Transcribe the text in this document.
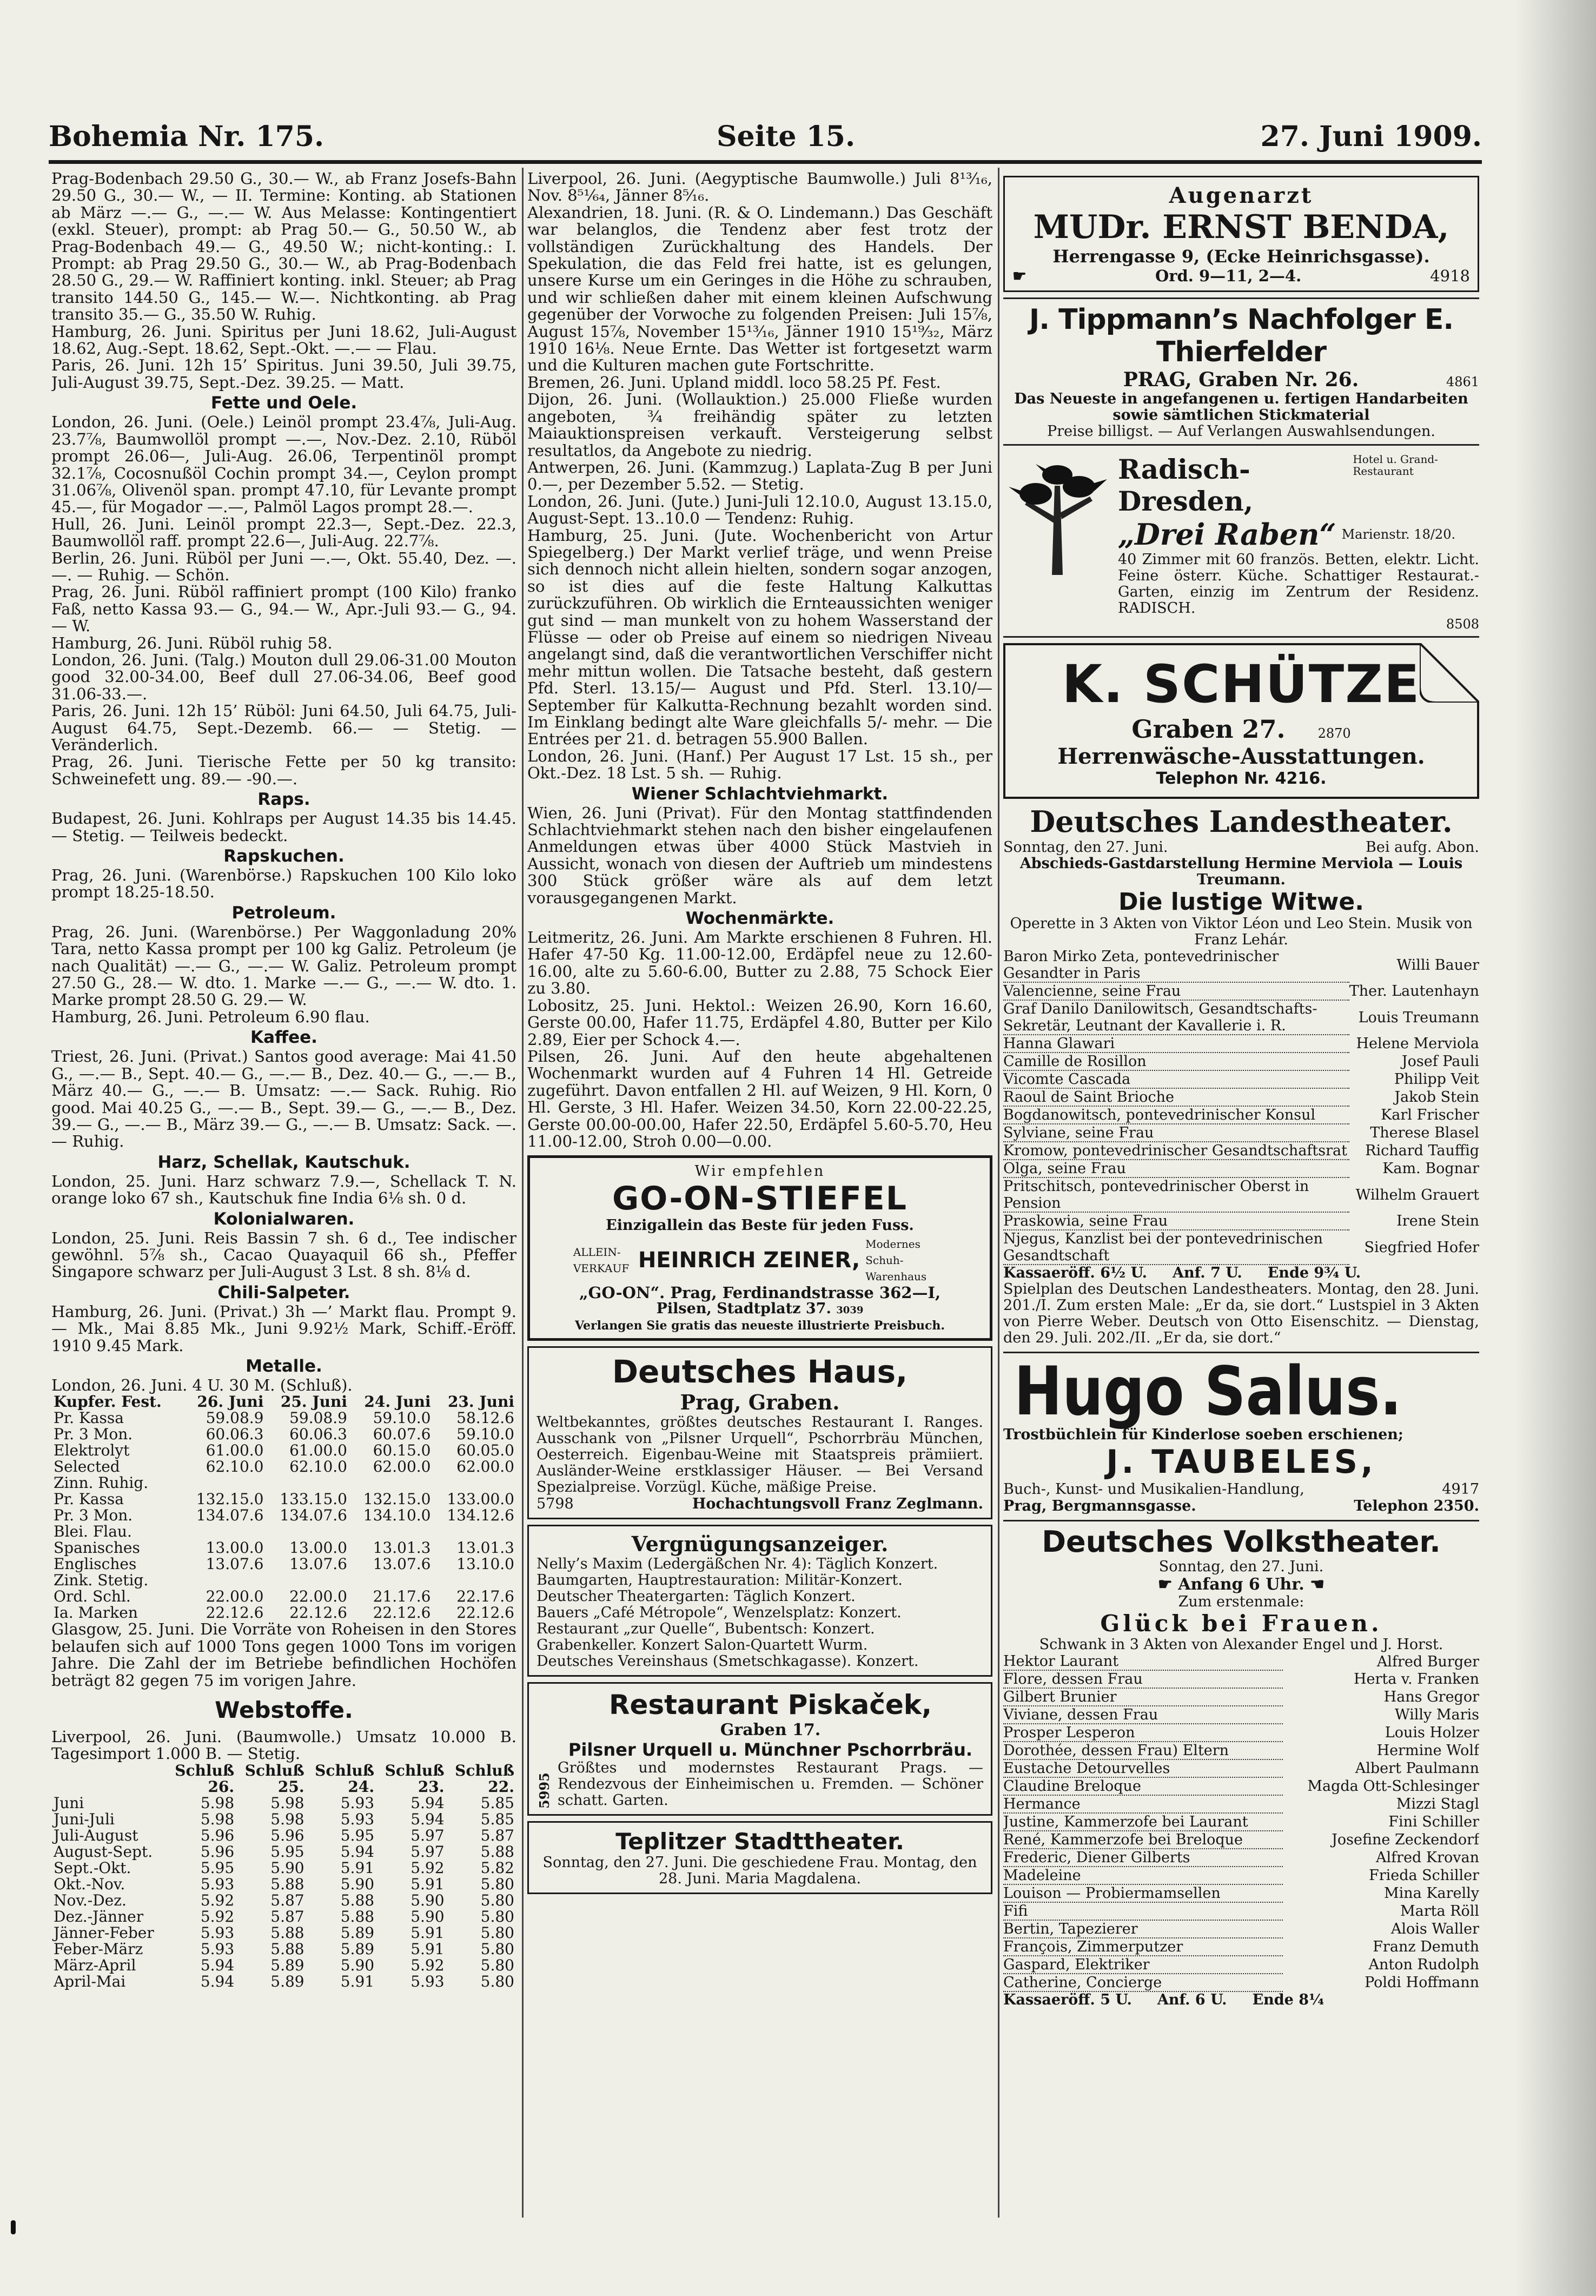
Bohemia Nr. 175.	Seite 15.	27. Juni 1909.

Prag-Bodenbach 29.50 G., 30.— W., ab Franz Josefs-Bahn 29.50 G., 30.— W., — II. Termine: Konting. ab Stationen ab März —.— G., —.— W. Aus Melasse: Kontingentiert (exkl. Steuer), prompt: ab Prag 50.— G., 50.50 W., ab Prag-Bodenbach 49.— G., 49.50 W.; nicht-konting.: I. Prompt: ab Prag 29.50 G., 30.— W., ab Prag-Bodenbach 28.50 G., 29.— W. Raffiniert konting. inkl. Steuer; ab Prag transito 144.50 G., 145.— W.—. Nichtkonting. ab Prag transito 35.— G., 35.50 W. Ruhig.

Hamburg, 26. Juni. Spiritus per Juni 18.62, Juli-August 18.62, Aug.-Sept. 18.62, Sept.-Okt. —.— — Flau.

Paris, 26. Juni. 12h 15’ Spiritus. Juni 39.50, Juli 39.75, Juli-August 39.75, Sept.-Dez. 39.25. — Matt.

Fette und Oele.

London, 26. Juni. (Oele.) Leinöl prompt 23.4⅞, Juli-Aug. 23.7⅞, Baumwollöl prompt —.—, Nov.-Dez. 2.10, Rüböl prompt 26.06—, Juli-Aug. 26.06, Terpentinöl prompt 32.1⅞, Cocosnußöl Cochin prompt 34.—, Ceylon prompt 31.06⅞, Olivenöl span. prompt 47.10, für Levante prompt 45.—, für Mogador —.—, Palmöl Lagos prompt 28.—.

Hull, 26. Juni. Leinöl prompt 22.3—, Sept.-Dez. 22.3, Baumwollöl raff. prompt 22.6—, Juli-Aug. 22.7⅞.

Berlin, 26. Juni. Rüböl per Juni —.—, Okt. 55.40, Dez. —.—. — Ruhig. — Schön.

Prag, 26. Juni. Rüböl raffiniert prompt (100 Kilo) franko Faß, netto Kassa 93.— G., 94.— W., Apr.-Juli 93.— G., 94.— W.

Hamburg, 26. Juni. Rüböl ruhig 58.

London, 26. Juni. (Talg.) Mouton dull 29.06-31.00 Mouton good 32.00-34.00, Beef dull 27.06-34.06, Beef good 31.06-33.—.

Paris, 26. Juni. 12h 15’ Rüböl: Juni 64.50, Juli 64.75, Juli-August 64.75, Sept.-Dezemb. 66.— — Stetig. — Veränderlich.

Prag, 26. Juni. Tierische Fette per 50 kg transito: Schweinefett ung. 89.— -90.—.

Raps.

Budapest, 26. Juni. Kohlraps per August 14.35 bis 14.45. — Stetig. — Teilweis bedeckt.

Rapskuchen.

Prag, 26. Juni. (Warenbörse.) Rapskuchen 100 Kilo loko prompt 18.25-18.50.

Petroleum.

Prag, 26. Juni. (Warenbörse.) Per Waggonladung 20% Tara, netto Kassa prompt per 100 kg Galiz. Petroleum (je nach Qualität) —.— G., —.— W. Galiz. Petroleum prompt 27.50 G., 28.— W. dto. 1. Marke —.— G., —.— W. dto. 1. Marke prompt 28.50 G. 29.— W.

Hamburg, 26. Juni. Petroleum 6.90 flau.

Kaffee.

Triest, 26. Juni. (Privat.) Santos good average: Mai 41.50 G., —.— B., Sept. 40.— G., —.— B., Dez. 40.— G., —.— B., März 40.— G., —.— B. Umsatz: —.— Sack. Ruhig. Rio good. Mai 40.25 G., —.— B., Sept. 39.— G., —.— B., Dez. 39.— G., —.— B., März 39.— G., —.— B. Umsatz: Sack. —.— Ruhig.

Harz, Schellak, Kautschuk.

London, 25. Juni. Harz schwarz 7.9.—, Schellack T. N. orange loko 67 sh., Kautschuk fine India 6⅛ sh. 0 d.

Kolonialwaren.

London, 25. Juni. Reis Bassin 7 sh. 6 d., Tee indischer gewöhnl. 5⅞ sh., Cacao Quayaquil 66 sh., Pfeffer Singapore schwarz per Juli-August 3 Lst. 8 sh. 8⅛ d.

Chili-Salpeter.

Hamburg, 26. Juni. (Privat.) 3h —’ Markt flau. Prompt 9.— Mk., Mai 8.85 Mk., Juni 9.92½ Mark, Schiff.-Eröff. 1910 9.45 Mark.

Metalle.

London, 26. Juni. 4 U. 30 M. (Schluß).

Kupfer. Fest.	26. Juni	25. Juni	24. Juni	23. Juni
Pr. Kassa	59.08.9	59.08.9	59.10.0	58.12.6
Pr. 3 Mon.	60.06.3	60.06.3	60.07.6	59.10.0
Elektrolyt	61.00.0	61.00.0	60.15.0	60.05.0
Selected	62.10.0	62.10.0	62.00.0	62.00.0
Zinn. Ruhig.				
Pr. Kassa	132.15.0	133.15.0	132.15.0	133.00.0
Pr. 3 Mon.	134.07.6	134.07.6	134.10.0	134.12.6
Blei. Flau.				
Spanisches	13.00.0	13.00.0	13.01.3	13.01.3
Englisches	13.07.6	13.07.6	13.07.6	13.10.0
Zink. Stetig.				
Ord. Schl.	22.00.0	22.00.0	21.17.6	22.17.6
Ia. Marken	22.12.6	22.12.6	22.12.6	22.12.6

Glasgow, 25. Juni. Die Vorräte von Roheisen in den Stores belaufen sich auf 1000 Tons gegen 1000 Tons im vorigen Jahre. Die Zahl der im Betriebe befindlichen Hochöfen beträgt 82 gegen 75 im vorigen Jahre.

Webstoffe.

Liverpool, 26. Juni. (Baumwolle.) Umsatz 10.000 B. Tagesimport 1.000 B. — Stetig.

	Schluß	Schluß	Schluß	Schluß	Schluß
	26.	25.	24.	23.	22.
Juni	5.98	5.98	5.93	5.94	5.85
Juni-Juli	5.98	5.98	5.93	5.94	5.85
Juli-August	5.96	5.96	5.95	5.97	5.87
August-Sept.	5.96	5.95	5.94	5.97	5.88
Sept.-Okt.	5.95	5.90	5.91	5.92	5.82
Okt.-Nov.	5.93	5.88	5.90	5.91	5.80
Nov.-Dez.	5.92	5.87	5.88	5.90	5.80
Dez.-Jänner	5.92	5.87	5.88	5.90	5.80
Jänner-Feber	5.93	5.88	5.89	5.91	5.80
Feber-März	5.93	5.88	5.89	5.91	5.80
März-April	5.94	5.89	5.90	5.92	5.80
April-Mai	5.94	5.89	5.91	5.93	5.80

Liverpool, 26. Juni. (Aegyptische Baumwolle.) Juli 8¹³⁄₁₆, Nov. 8⁵¹⁄₆₄, Jänner 8⁵⁄₁₆.

Alexandrien, 18. Juni. (R. & O. Lindemann.) Das Geschäft war belanglos, die Tendenz aber fest trotz der vollständigen Zurückhaltung des Handels. Der Spekulation, die das Feld frei hatte, ist es gelungen, unsere Kurse um ein Geringes in die Höhe zu schrauben, und wir schließen daher mit einem kleinen Aufschwung gegenüber der Vorwoche zu folgenden Preisen: Juli 15⅞, August 15⅞, November 15¹³⁄₁₆, Jänner 1910 15¹⁹⁄₃₂, März 1910 16⅛. Neue Ernte. Das Wetter ist fortgesetzt warm und die Kulturen machen gute Fortschritte.

Bremen, 26. Juni. Upland middl. loco 58.25 Pf. Fest.

Dijon, 26. Juni. (Wollauktion.) 25.000 Fließe wurden angeboten, ¾ freihändig später zu letzten Maiauktionspreisen verkauft. Versteigerung selbst resultatlos, da Angebote zu niedrig.

Antwerpen, 26. Juni. (Kammzug.) Laplata-Zug B per Juni 0.—, per Dezember 5.52. — Stetig.

London, 26. Juni. (Jute.) Juni-Juli 12.10.0, August 13.15.0, August-Sept. 13..10.0 — Tendenz: Ruhig.

Hamburg, 25. Juni. (Jute. Wochenbericht von Artur Spiegelberg.) Der Markt verlief träge, und wenn Preise sich dennoch nicht allein hielten, sondern sogar anzogen, so ist dies auf die feste Haltung Kalkuttas zurückzuführen. Ob wirklich die Ernteaussichten weniger gut sind — man munkelt von zu hohem Wasserstand der Flüsse — oder ob Preise auf einem so niedrigen Niveau angelangt sind, daß die verantwortlichen Verschiffer nicht mehr mittun wollen. Die Tatsache besteht, daß gestern Pfd. Sterl. 13.15/— August und Pfd. Sterl. 13.10/— September für Kalkutta-Rechnung bezahlt worden sind. Im Einklang bedingt alte Ware gleichfalls 5/- mehr. — Die Entrées per 21. d. betragen 55.900 Ballen.

London, 26. Juni. (Hanf.) Per August 17 Lst. 15 sh., per Okt.-Dez. 18 Lst. 5 sh. — Ruhig.

Wiener Schlachtviehmarkt.

Wien, 26. Juni (Privat). Für den Montag stattfindenden Schlachtviehmarkt stehen nach den bisher eingelaufenen Anmeldungen etwas über 4000 Stück Mastvieh in Aussicht, wonach von diesen der Auftrieb um mindestens 300 Stück größer wäre als auf dem letzt vorausgegangenen Markt.

Wochenmärkte.

Leitmeritz, 26. Juni. Am Markte erschienen 8 Fuhren. Hl. Hafer 47-50 Kg. 11.00-12.00, Erdäpfel neue zu 12.60-16.00, alte zu 5.60-6.00, Butter zu 2.88, 75 Schock Eier zu 3.80.

Lobositz, 25. Juni. Hektol.: Weizen 26.90, Korn 16.60, Gerste 00.00, Hafer 11.75, Erdäpfel 4.80, Butter per Kilo 2.89, Eier per Schock 4.—.

Pilsen, 26. Juni. Auf den heute abgehaltenen Wochenmarkt wurden auf 4 Fuhren 14 Hl. Getreide zugeführt. Davon entfallen 2 Hl. auf Weizen, 9 Hl. Korn, 0 Hl. Gerste, 3 Hl. Hafer. Weizen 34.50, Korn 22.00-22.25, Gerste 00.00-00.00, Hafer 22.50, Erdäpfel 5.60-5.70, Heu 11.00-12.00, Stroh 0.00—0.00.

Wir empfehlen
GO-ON-STIEFEL
Einzigallein das Beste für jeden Fuss.
ALLEIN-VERKAUF HEINRICH ZEINER,
Modernes Schuh-Warenhaus
„GO-ON“. Prag, Ferdinandstrasse 362—I,
Pilsen, Stadtplatz 37. 3039
Verlangen Sie gratis das neueste illustrierte Preisbuch.
Deutsches Haus,
Prag, Graben.

Weltbekanntes, größtes deutsches Restaurant I. Ranges. Ausschank von „Pilsner Urquell“, Pschorrbräu München, Oesterreich. Eigenbau-Weine mit Staatspreis prämiiert. Ausländer-Weine erstklassiger Häuser. — Bei Versand Spezialpreise. Vorzügl. Küche, mäßige Preise.

5798	Hochachtungsvoll Franz Zeglmann.
Vergnügungsanzeiger.
Nelly’s Maxim (Ledergäßchen Nr. 4): Täglich Konzert.
Baumgarten, Hauptrestauration: Militär-Konzert.
Deutscher Theatergarten: Täglich Konzert.
Bauers „Café Métropole“, Wenzelsplatz: Konzert.
Restaurant „zur Quelle“, Bubentsch: Konzert.
Grabenkeller. Konzert Salon-Quartett Wurm.
Deutsches Vereinshaus (Smetschkagasse). Konzert.
5995
Restaurant Piskaček,
Graben 17.
Pilsner Urquell u. Münchner Pschorrbräu.

Größtes und modernstes Restaurant Prags. — Rendezvous der Einheimischen u. Fremden. — Schöner schatt. Garten.

Teplitzer Stadttheater.

Sonntag, den 27. Juni. Die geschiedene Frau. Montag, den 28. Juni. Maria Magdalena.

Augenarzt
MUDr. ERNST BENDA,
Herrengasse 9, (Ecke Heinrichsgasse).
☛	Ord. 9—11, 2—4.	4918
J. Tippmann’s Nachfolger E. Thierfelder
PRAG, Graben Nr. 26.	4861
Das Neueste in angefangenen u. fertigen Handarbeiten sowie sämtlichen Stickmaterial
Preise billigst. — Auf Verlangen Auswahlsendungen.
Radisch-Dresden,
Hotel u. Grand-Restaurant
„Drei Raben“ Marienstr. 18/20.

40 Zimmer mit 60 französ. Betten, elektr. Licht. Feine österr. Küche. Schattiger Restaurat.-Garten, einzig im Zentrum der Residenz. RADISCH.

8508
K. SCHÜTZE
Graben 27.	2870
Herrenwäsche-Ausstattungen.
Telephon Nr. 4216.
Deutsches Landestheater.
Sonntag, den 27. Juni.	Bei aufg. Abon.
Abschieds-Gastdarstellung Hermine Merviola — Louis Treumann.
Die lustige Witwe.
Operette in 3 Akten von Viktor Léon und Leo Stein. Musik von Franz Lehár.
Baron Mirko Zeta, pontevedrinischer Gesandter in Paris	Willi Bauer
Valencienne, seine Frau	Ther. Lautenhayn
Graf Danilo Danilowitsch, Gesandtschafts-Sekretär, Leutnant der Kavallerie i. R.	Louis Treumann
Hanna Glawari	Helene Merviola
Camille de Rosillon	Josef Pauli
Vicomte Cascada	Philipp Veit
Raoul de Saint Brioche	Jakob Stein
Bogdanowitsch, pontevedrinischer Konsul	Karl Frischer
Sylviane, seine Frau	Therese Blasel
Kromow, pontevedrinischer Gesandtschaftsrat	Richard Tauffig
Olga, seine Frau	Kam. Bognar
Pritschitsch, pontevedrinischer Oberst in Pension	Wilhelm Grauert
Praskowia, seine Frau	Irene Stein
Njegus, Kanzlist bei der pontevedrinischen Gesandtschaft	Siegfried Hofer
Kassaeröff. 6½ U.     Anf. 7 U.     Ende 9¾ U.

Spielplan des Deutschen Landestheaters. Montag, den 28. Juni. 201./I. Zum ersten Male: „Er da, sie dort.“ Lustspiel in 3 Akten von Pierre Weber. Deutsch von Otto Eisenschitz. — Dienstag, den 29. Juli. 202./II. „Er da, sie dort.“

Hugo Salus.
Trostbüchlein für Kinderlose soeben erschienen;
J. TAUBELES,
Buch-, Kunst- und Musikalien-Handlung,	4917
Prag, Bergmannsgasse.	Telephon 2350.
Deutsches Volkstheater.
Sonntag, den 27. Juni.
☛ Anfang 6 Uhr. ☚
Zum erstenmale:
Glück bei Frauen.
Schwank in 3 Akten von Alexander Engel und J. Horst.
Hektor Laurant	Alfred Burger
Flore, dessen Frau	Herta v. Franken
Gilbert Brunier	Hans Gregor
Viviane, dessen Frau	Willy Maris
Prosper Lesperon	Louis Holzer
Dorothée, dessen Frau) Eltern	Hermine Wolf
Eustache Detourvelles	Albert Paulmann
Claudine Breloque	Magda Ott-Schlesinger
Hermance	Mizzi Stagl
Justine, Kammerzofe bei Laurant	Fini Schiller
René, Kammerzofe bei Breloque	Josefine Zeckendorf
Frederic, Diener Gilberts	Alfred Krovan
Madeleine	Frieda Schiller
Louison — Probiermamsellen	Mina Karelly
Fifi	Marta Röll
Bertin, Tapezierer	Alois Waller
François, Zimmerputzer	Franz Demuth
Gaspard, Elektriker	Anton Rudolph
Catherine, Concierge	Poldi Hoffmann
Kassaeröff. 5 U.     Anf. 6 U.     Ende 8¼
